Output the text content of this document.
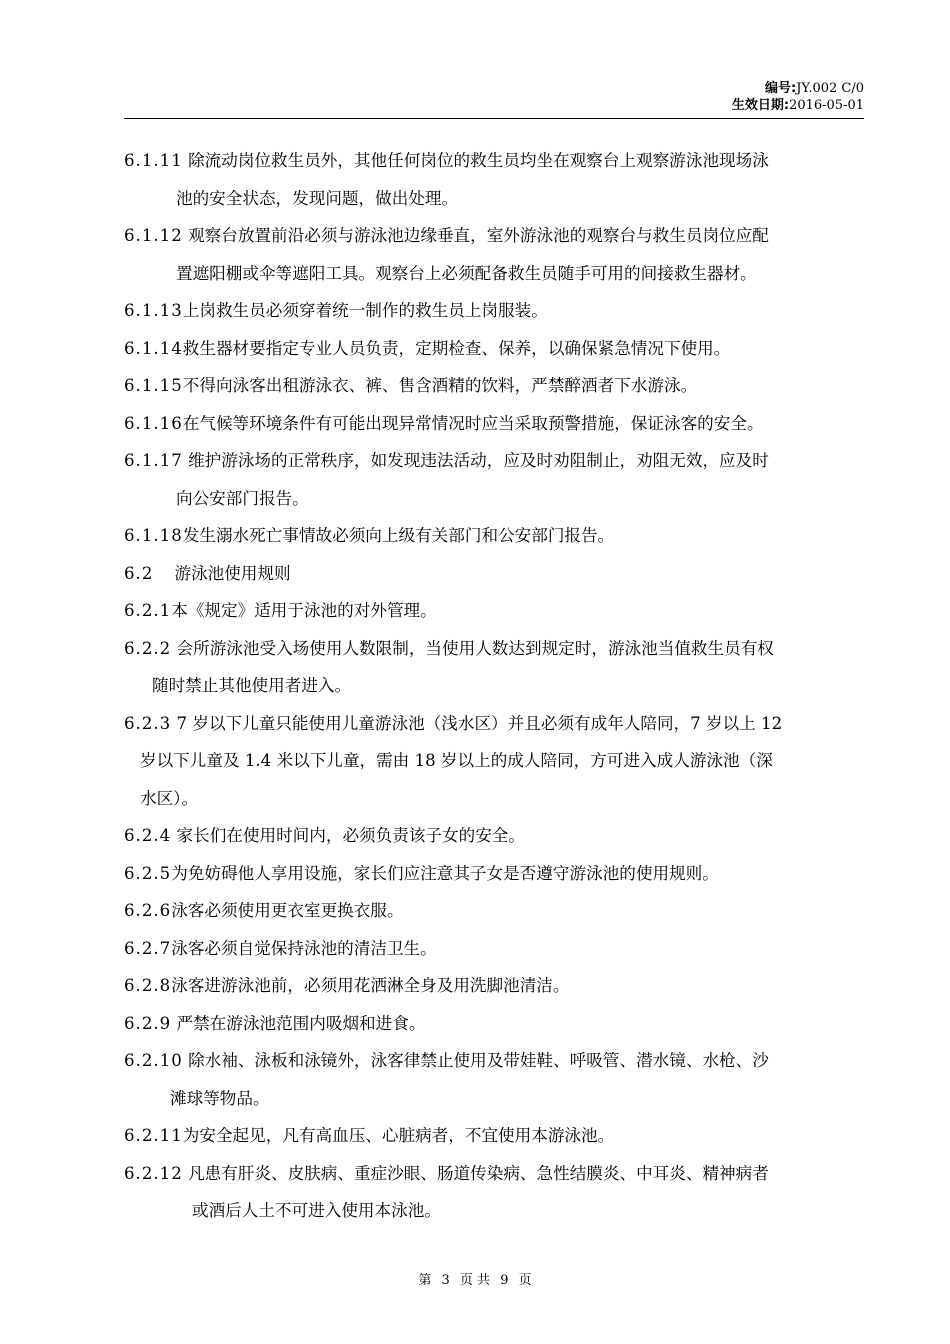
编号:JY.002 C/0
生效日期:2016-05-01
6.1.11 除流动岗位救生员外，其他任何岗位的救生员均坐在观察台上观察游泳池现场泳
池的安全状态，发现问题，做出处理。
6.1.12 观察台放置前沿必须与游泳池边缘垂直，室外游泳池的观察台与救生员岗位应配
置遮阳棚或伞等遮阳工具。观察台上必须配备救生员随手可用的间接救生器材。
6.1.13上岗救生员必须穿着统一制作的救生员上岗服装。
6.1.14救生器材要指定专业人员负责，定期检查、保养，以确保紧急情况下使用。
6.1.15不得向泳客出租游泳衣、裤、售含酒精的饮料，严禁醉酒者下水游泳。
6.1.16在气候等环境条件有可能出现异常情况时应当采取预警措施，保证泳客的安全。
6.1.17 维护游泳场的正常秩序，如发现违法活动，应及时劝阻制止，劝阻无效，应及时
向公安部门报告。
6.1.18发生溺水死亡事情故必须向上级有关部门和公安部门报告。
6.2 游泳池使用规则
6.2.1本《规定》适用于泳池的对外管理。
6.2.2 会所游泳池受入场使用人数限制，当使用人数达到规定时，游泳池当值救生员有权
随时禁止其他使用者进入。
6.2.3 7 岁以下儿童只能使用儿童游泳池（浅水区）并且必须有成年人陪同，7 岁以上 12
岁以下儿童及 1.4 米以下儿童，需由 18 岁以上的成人陪同，方可进入成人游泳池（深
水区）。
6.2.4 家长们在使用时间内，必须负责该子女的安全。
6.2.5为免妨碍他人享用设施，家长们应注意其子女是否遵守游泳池的使用规则。
6.2.6泳客必须使用更衣室更换衣服。
6.2.7泳客必须自觉保持泳池的清洁卫生。
6.2.8泳客进游泳池前，必须用花洒淋全身及用洗脚池清洁。
6.2.9 严禁在游泳池范围内吸烟和进食。
6.2.10 除水袖、泳板和泳镜外，泳客律禁止使用及带娃鞋、呼吸管、潜水镜、水枪、沙
滩球等物品。
6.2.11为安全起见，凡有高血压、心脏病者，不宜使用本游泳池。
6.2.12 凡患有肝炎、皮肤病、重症沙眼、肠道传染病、急性结膜炎、中耳炎、精神病者
或酒后人土不可进入使用本泳池。
第 3 页 共 9 页
